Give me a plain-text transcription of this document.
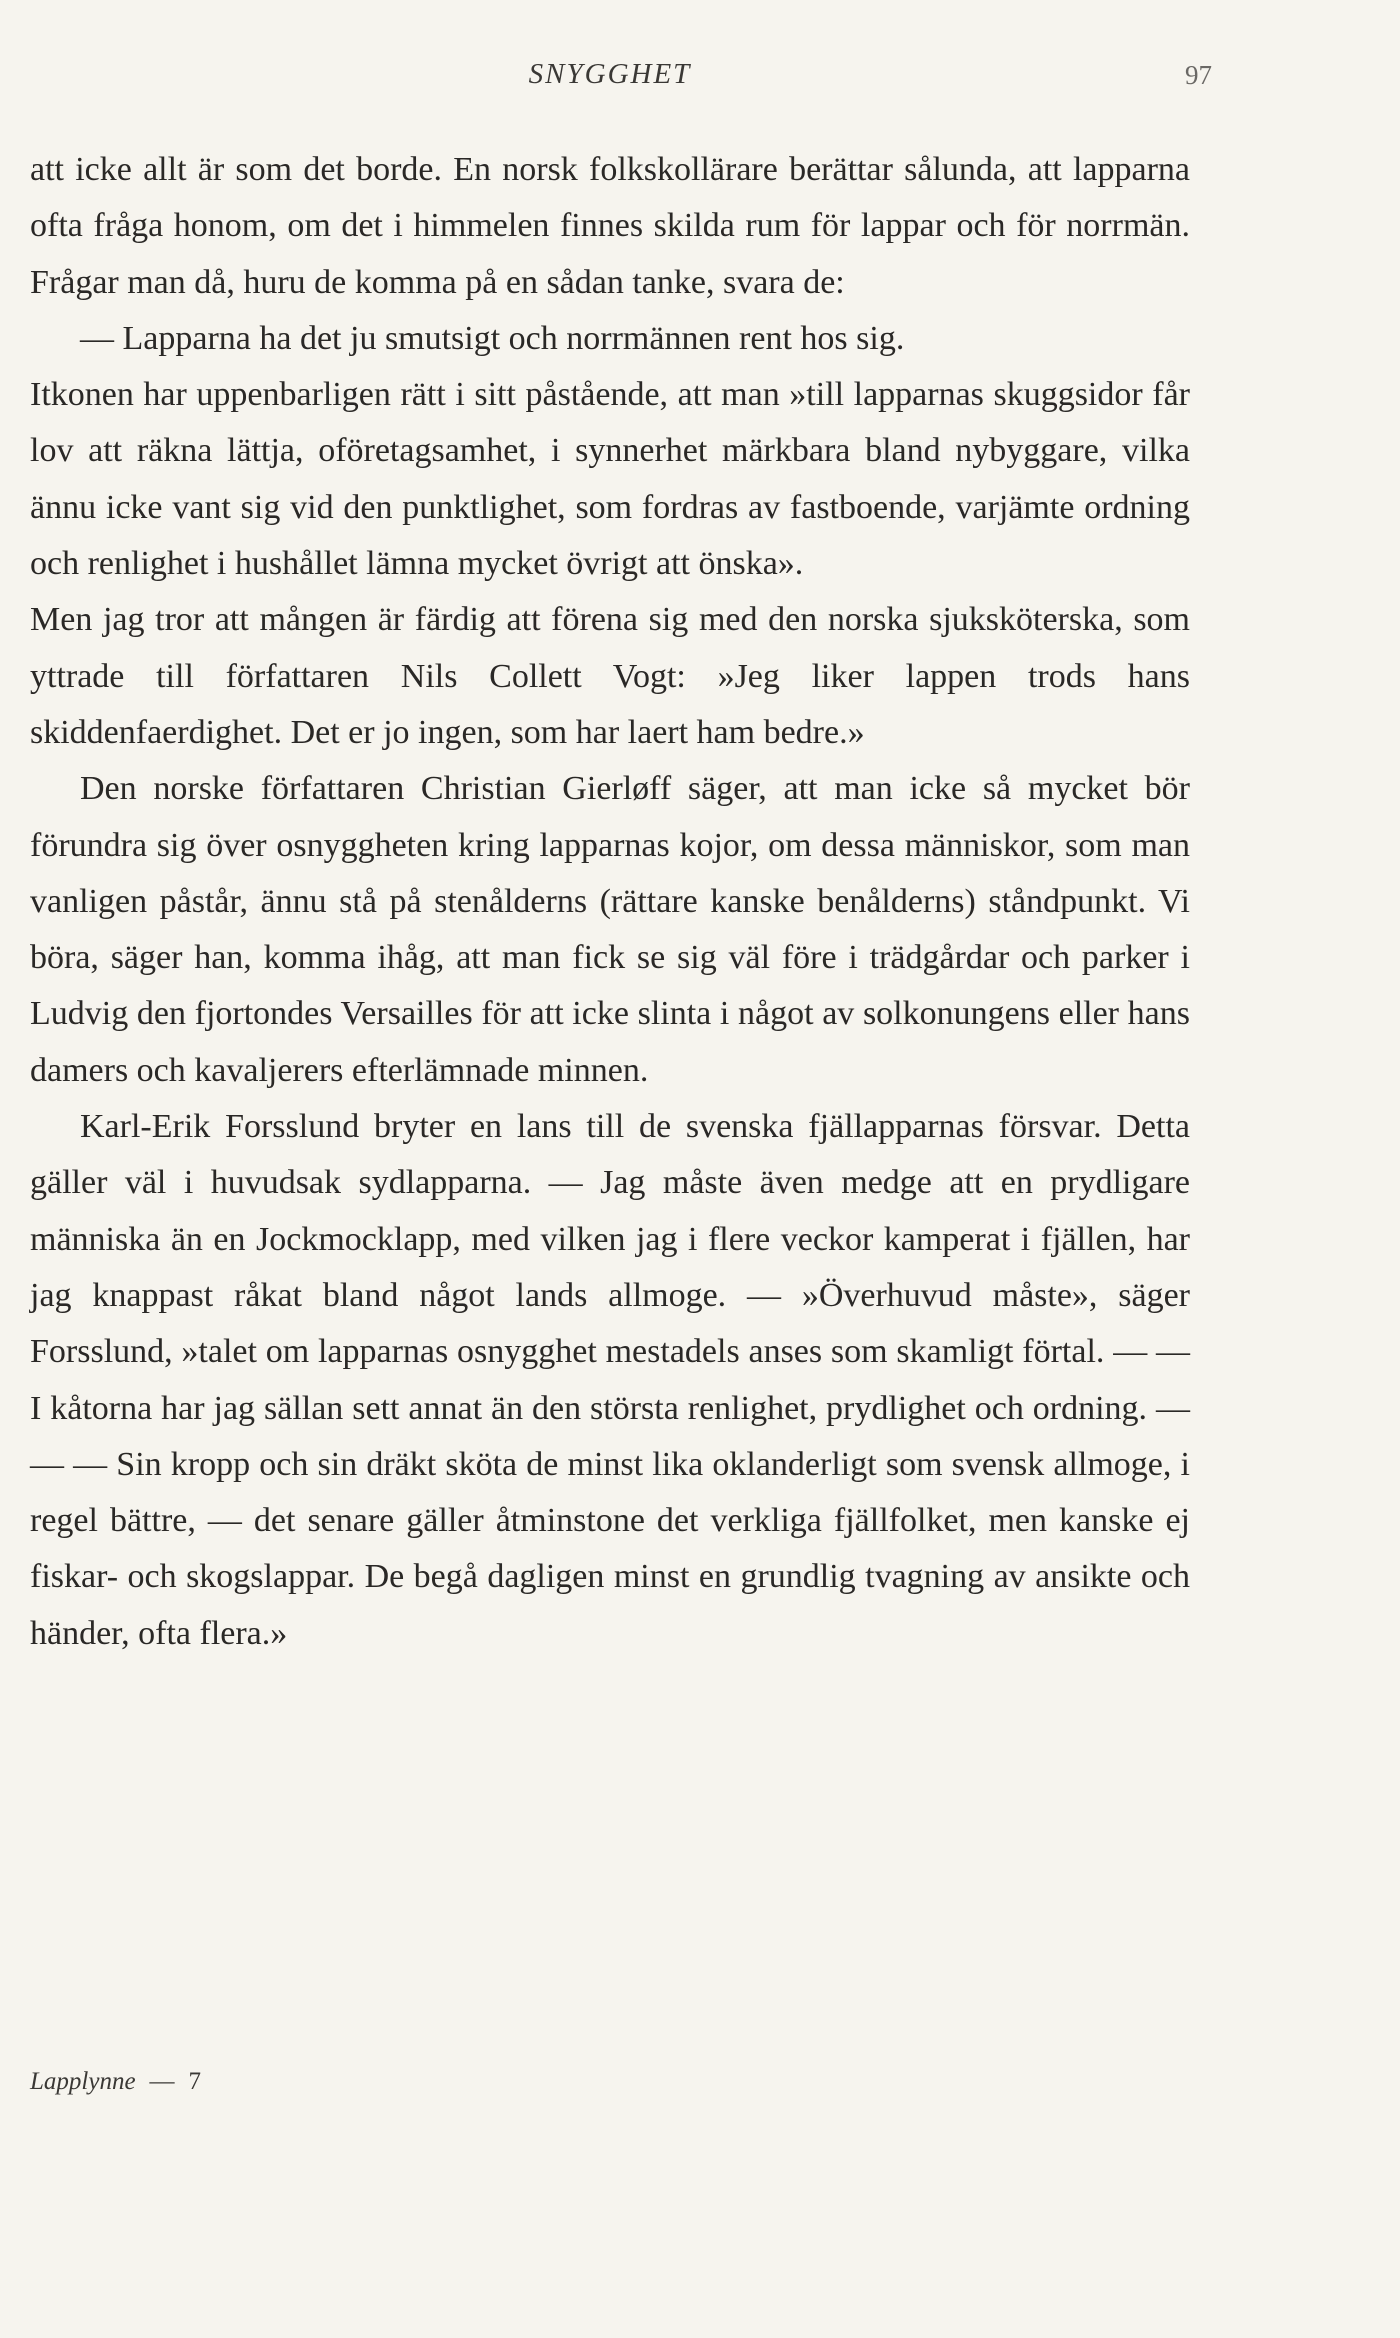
SNYGGHET	97

att icke allt är som det borde. En norsk folkskollärare berättar sålunda, att lapparna ofta fråga honom, om det i himmelen finnes skilda rum för lappar och för norrmän. Frågar man då, huru de komma på en sådan tanke, svara de:

— Lapparna ha det ju smutsigt och norrmännen rent hos sig.

Itkonen har uppenbarligen rätt i sitt påstående, att man »till lapparnas skuggsidor får lov att räkna lättja, oföretagsamhet, i synnerhet märkbara bland nybyggare, vilka ännu icke vant sig vid den punktlighet, som fordras av fastboende, varjämte ordning och renlighet i hushållet lämna mycket övrigt att önska».

Men jag tror att mången är färdig att förena sig med den norska sjuksköterska, som yttrade till författaren Nils Collett Vogt: »Jeg liker lappen trods hans skiddenfaerdighet. Det er jo ingen, som har laert ham bedre.»

Den norske författaren Christian Gierløff säger, att man icke så mycket bör förundra sig över osnyggheten kring lapparnas kojor, om dessa människor, som man vanligen påstår, ännu stå på stenålderns (rättare kanske benålderns) ståndpunkt. Vi böra, säger han, komma ihåg, att man fick se sig väl före i trädgårdar och parker i Ludvig den fjortondes Versailles för att icke slinta i något av solkonungens eller hans damers och kavaljerers efterlämnade minnen.

Karl-Erik Forsslund bryter en lans till de svenska fjällapparnas försvar. Detta gäller väl i huvudsak sydlapparna. — Jag måste även medge att en prydligare människa än en Jockmocklapp, med vilken jag i flere veckor kamperat i fjällen, har jag knappast råkat bland något lands allmoge. — »Överhuvud måste», säger Forsslund, »talet om lapparnas osnygghet mestadels anses som skamligt förtal. — — I kåtorna har jag sällan sett annat än den största renlighet, prydlighet och ordning. — — — Sin kropp och sin dräkt sköta de minst lika oklanderligt som svensk allmoge, i regel bättre, — det senare gäller åtminstone det verkliga fjällfolket, men kanske ej fiskar- och skogslappar. De begå dagligen minst en grundlig tvagning av ansikte och händer, ofta flera.»

Lapplynne — 7
